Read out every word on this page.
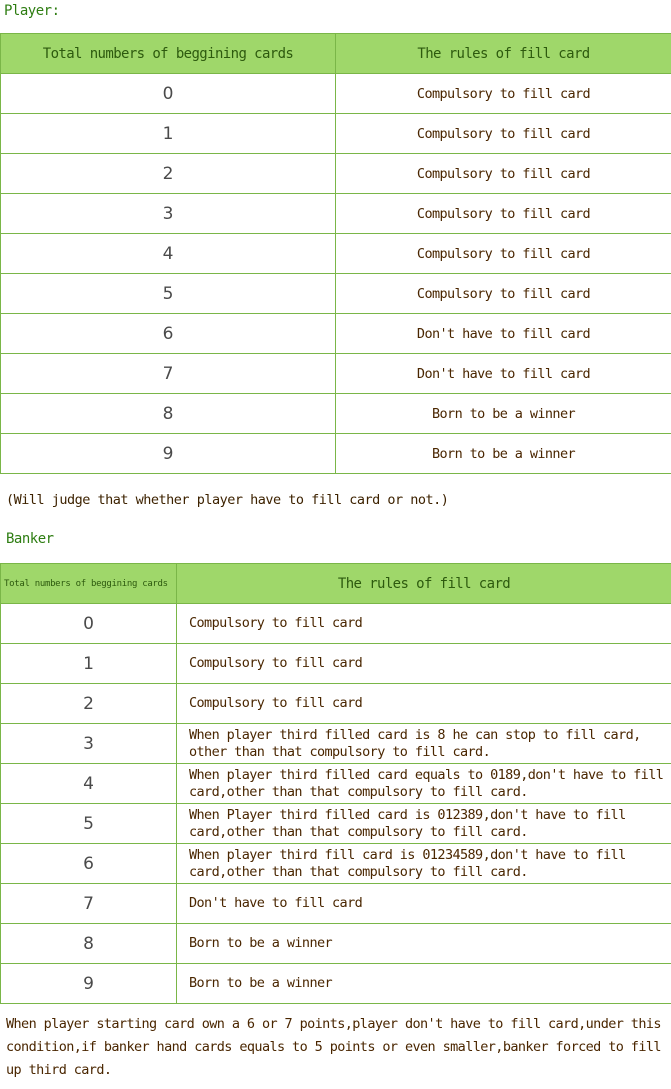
Player:
Total numbers of beggining cards	The rules of fill card
0	Compulsory to fill card
1	Compulsory to fill card
2	Compulsory to fill card
3	Compulsory to fill card
4	Compulsory to fill card
5	Compulsory to fill card
6	Don't have to fill card
7	Don't have to fill card
8	Born to be a winner
9	Born to be a winner
(Will judge that whether player have to fill card or not.)
Banker
Total numbers of beggining cards	The rules of fill card
0	Compulsory to fill card
1	Compulsory to fill card
2	Compulsory to fill card
3	When player third filled card is 8 he can stop to fill card, other than that compulsory to fill card.
4	When player third filled card equals to 0189,don't have to fill card,other than that compulsory to fill card.
5	When Player third filled card is 012389,don't have to fill card,other than that compulsory to fill card.
6	When player third fill card is 01234589,don't have to fill card,other than that compulsory to fill card.
7	Don't have to fill card
8	Born to be a winner
9	Born to be a winner
When player starting card own a 6 or 7 points,player don't have to fill card,under this condition,if banker hand cards equals to 5 points or even smaller,banker forced to fill up third card.
